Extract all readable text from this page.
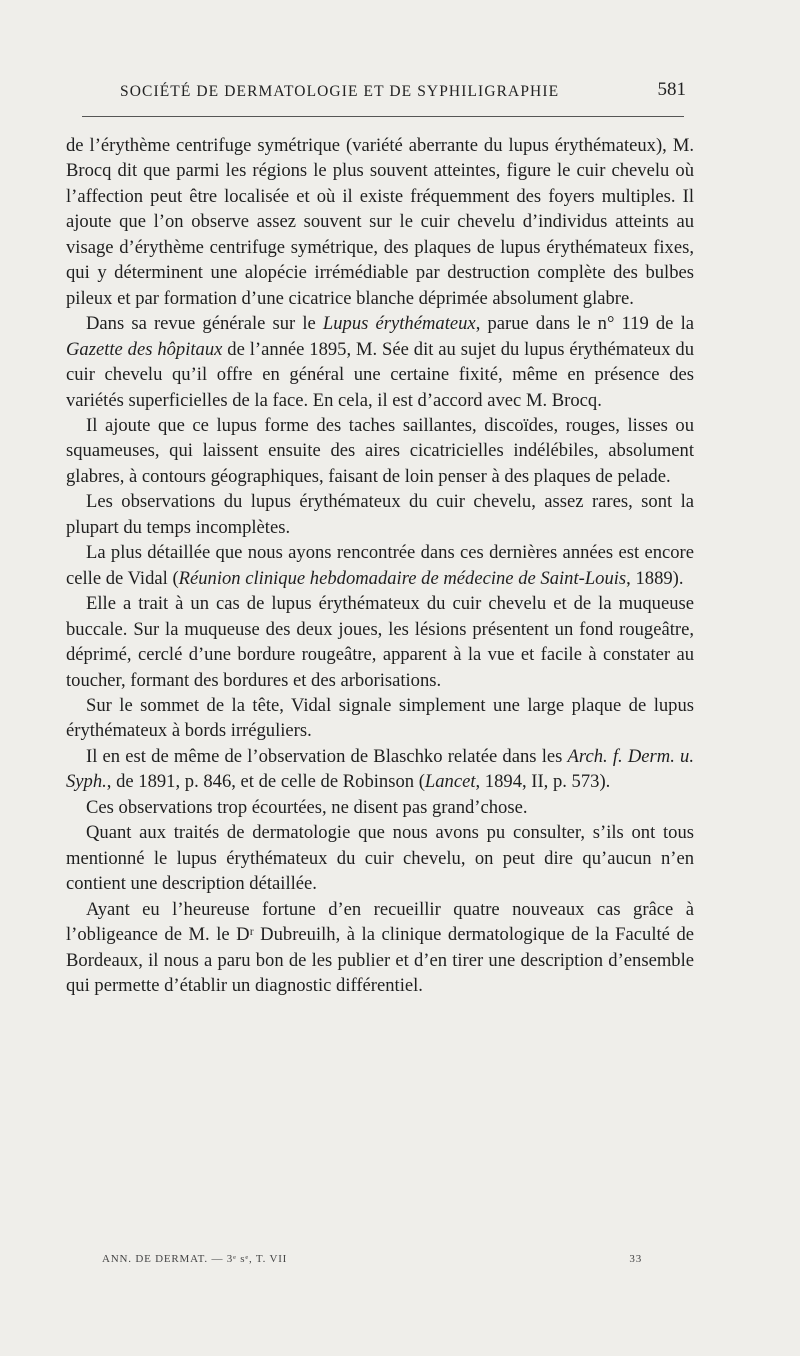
SOCIÉTÉ DE DERMATOLOGIE ET DE SYPHILIGRAPHIE	581

de l’érythème centrifuge symétrique (variété aberrante du lupus érythémateux), M. Brocq dit que parmi les régions le plus souvent atteintes, figure le cuir chevelu où l’affection peut être localisée et où il existe fréquemment des foyers multiples. Il ajoute que l’on observe assez souvent sur le cuir chevelu d’individus atteints au visage d’érythème centrifuge symétrique, des plaques de lupus érythémateux fixes, qui y déterminent une alopécie irrémédiable par destruction complète des bulbes pileux et par formation d’une cicatrice blanche déprimée absolument glabre.

Dans sa revue générale sur le Lupus érythémateux, parue dans le n° 119 de la Gazette des hôpitaux de l’année 1895, M. Sée dit au sujet du lupus érythémateux du cuir chevelu qu’il offre en général une certaine fixité, même en présence des variétés superficielles de la face. En cela, il est d’accord avec M. Brocq.

Il ajoute que ce lupus forme des taches saillantes, discoïdes, rouges, lisses ou squameuses, qui laissent ensuite des aires cicatricielles indélébiles, absolument glabres, à contours géographiques, faisant de loin penser à des plaques de pelade.

Les observations du lupus érythémateux du cuir chevelu, assez rares, sont la plupart du temps incomplètes.

La plus détaillée que nous ayons rencontrée dans ces dernières années est encore celle de Vidal (Réunion clinique hebdomadaire de médecine de Saint-Louis, 1889).

Elle a trait à un cas de lupus érythémateux du cuir chevelu et de la muqueuse buccale. Sur la muqueuse des deux joues, les lésions présentent un fond rougeâtre, déprimé, cerclé d’une bordure rougeâtre, apparent à la vue et facile à constater au toucher, formant des bordures et des arborisations.

Sur le sommet de la tête, Vidal signale simplement une large plaque de lupus érythémateux à bords irréguliers.

Il en est de même de l’observation de Blaschko relatée dans les Arch. f. Derm. u. Syph., de 1891, p. 846, et de celle de Robinson (Lancet, 1894, II, p. 573).

Ces observations trop écourtées, ne disent pas grand’chose.

Quant aux traités de dermatologie que nous avons pu consulter, s’ils ont tous mentionné le lupus érythémateux du cuir chevelu, on peut dire qu’aucun n’en contient une description détaillée.

Ayant eu l’heureuse fortune d’en recueillir quatre nouveaux cas grâce à l’obligeance de M. le Dʳ Dubreuilh, à la clinique dermatologique de la Faculté de Bordeaux, il nous a paru bon de les publier et d’en tirer une description d’ensemble qui permette d’établir un diagnostic différentiel.

ANN. DE DERMAT. — 3ᵉ sᵉ, T. VII	33
